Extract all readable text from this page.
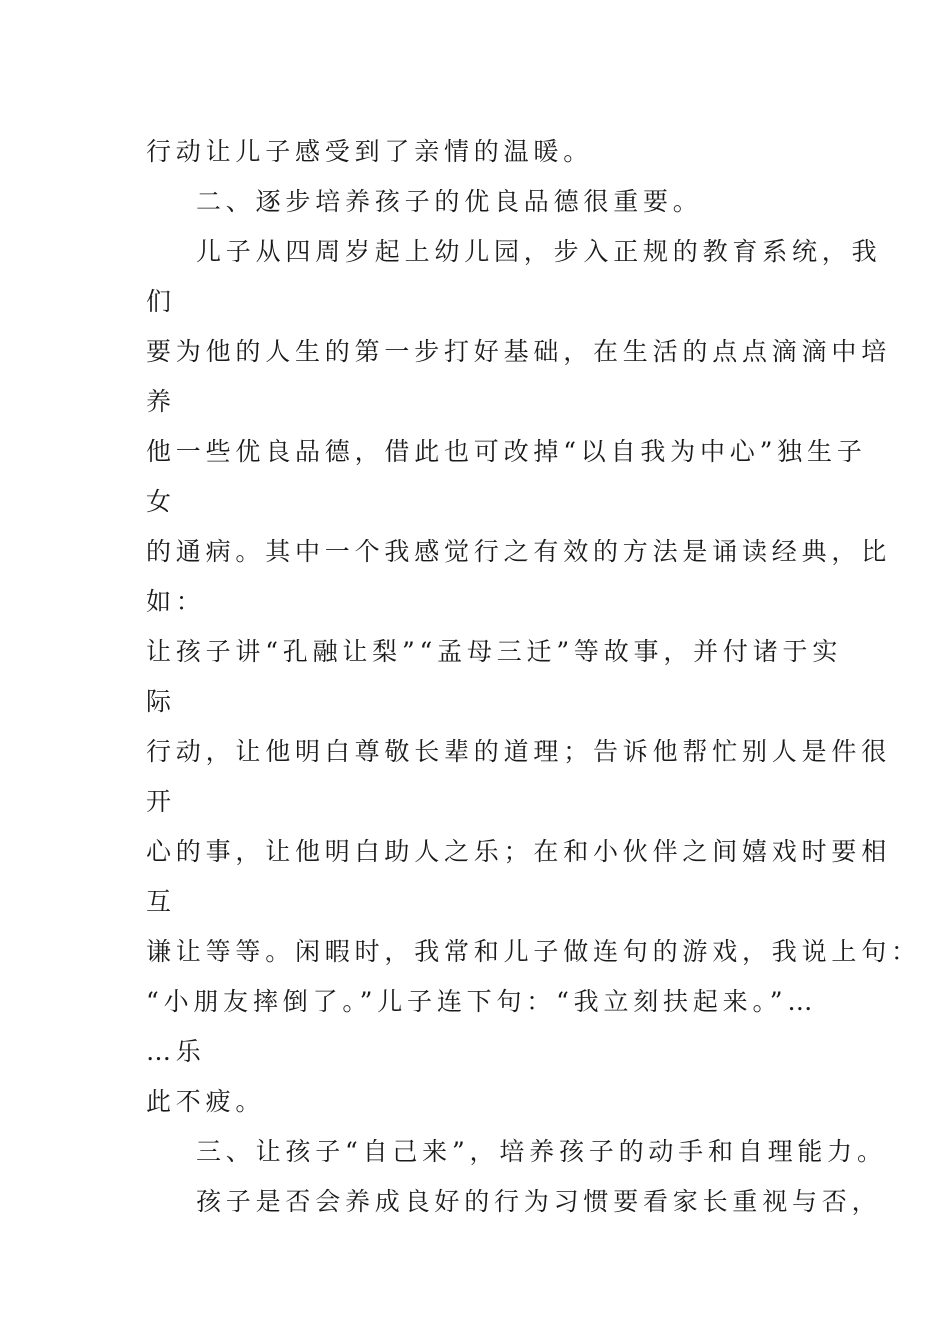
行动让儿子感受到了亲情的温暖。

二、逐步培养孩子的优良品德很重要。

儿子从四周岁起上幼儿园，步入正规的教育系统，我

们

要为他的人生的第一步打好基础，在生活的点点滴滴中培

养

他一些优良品德，借此也可改掉“以自我为中心”独生子

女

的通病。其中一个我感觉行之有效的方法是诵读经典，比

如：

让孩子讲“孔融让梨”“孟母三迁”等故事，并付诸于实

际

行动，让他明白尊敬长辈的道理；告诉他帮忙别人是件很

开

心的事，让他明白助人之乐；在和小伙伴之间嬉戏时要相

互

谦让等等。闲暇时，我常和儿子做连句的游戏，我说上句：

“小朋友摔倒了。”儿子连下句：“我立刻扶起来。”…

…乐

此不疲。

三、让孩子“自己来”，培养孩子的动手和自理能力。

孩子是否会养成良好的行为习惯要看家长重视与否，
